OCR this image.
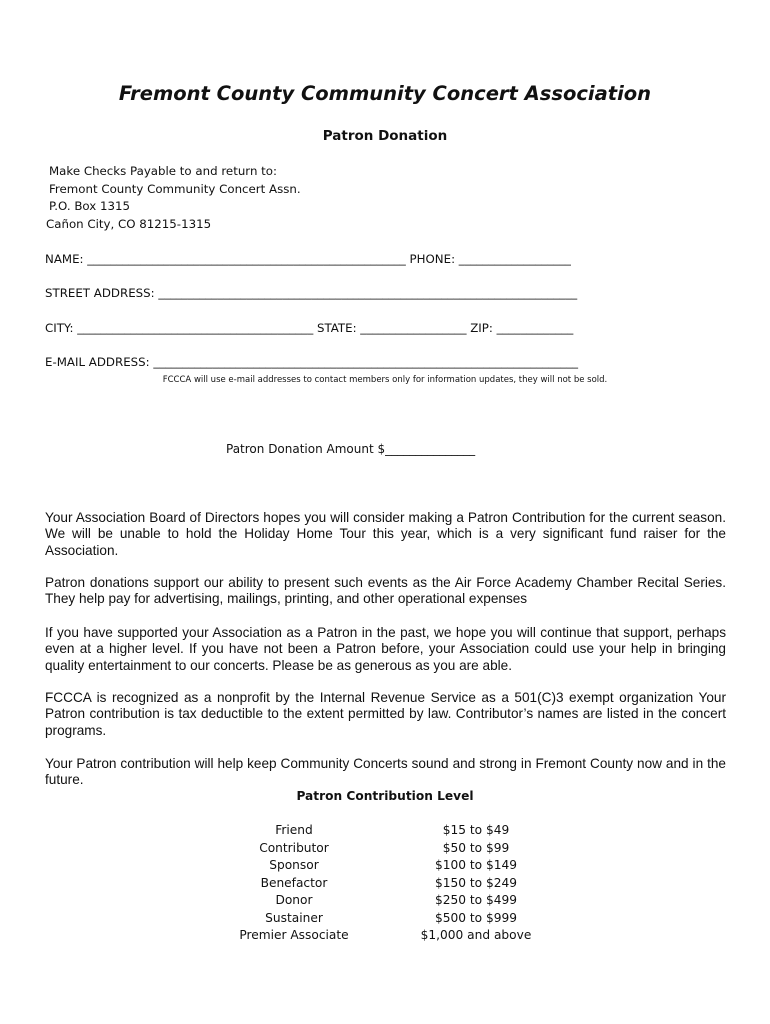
Fremont County Community Concert Association
Patron Donation
Make Checks Payable to and return to:
Fremont County Community Concert Assn.
P.O. Box 1315
Cañon City, CO 81215-1315
NAME: ______________________________________________________ PHONE: ___________________
STREET ADDRESS: _______________________________________________________________________
CITY: ________________________________________ STATE: __________________ ZIP: _____________
E-MAIL ADDRESS: ________________________________________________________________________
FCCCA will use e-mail addresses to contact members only for information updates, they will not be sold.
Patron Donation Amount $_______________
Your Association Board of Directors hopes you will consider making a Patron Contribution for the current season. We will be unable to hold the Holiday Home Tour this year, which is a very significant fund raiser for the Association.
Patron donations support our ability to present such events as the Air Force Academy Chamber Recital Series. They help pay for advertising, mailings, printing, and other operational expenses
If you have supported your Association as a Patron in the past, we hope you will continue that support, perhaps even at a higher level. If you have not been a Patron before, your Association could use your help in bringing quality entertainment to our concerts. Please be as generous as you are able.
FCCCA is recognized as a nonprofit by the Internal Revenue Service as a 501(C)3 exempt organization Your Patron contribution is tax deductible to the extent permitted by law. Contributor’s names are listed in the concert programs.
Your Patron contribution will help keep Community Concerts sound and strong in Fremont County now and in the future.
Patron Contribution Level
Friend	$15 to $49
Contributor	$50 to $99
Sponsor	$100 to $149
Benefactor	$150 to $249
Donor	$250 to $499
Sustainer	$500 to $999
Premier Associate	$1,000 and above
